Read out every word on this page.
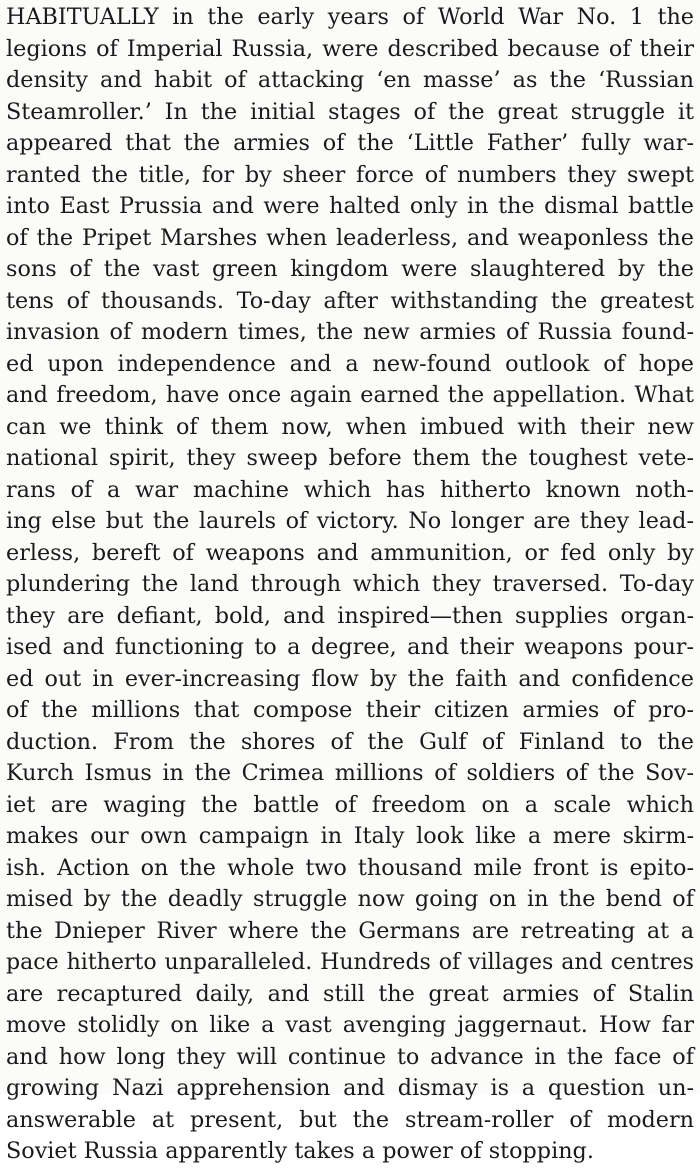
HABITUALLY in the early years of World War No. 1 the
legions of Imperial Russia, were described because of their
density and habit of attacking ‘en masse’ as the ‘Russian
Steamroller.’ In the initial stages of the great struggle it
appeared that the armies of the ‘Little Father’ fully war-
ranted the title, for by sheer force of numbers they swept
into East Prussia and were halted only in the dismal battle
of the Pripet Marshes when leaderless, and weaponless the
sons of the vast green kingdom were slaughtered by the
tens of thousands. To-day after withstanding the greatest
invasion of modern times, the new armies of Russia found-
ed upon independence and a new-found outlook of hope
and freedom, have once again earned the appellation. What
can we think of them now, when imbued with their new
national spirit, they sweep before them the toughest vete-
rans of a war machine which has hitherto known noth-
ing else but the laurels of victory. No longer are they lead-
erless, bereft of weapons and ammunition, or fed only by
plundering the land through which they traversed. To-day
they are defiant, bold, and inspired—then supplies organ-
ised and functioning to a degree, and their weapons pour-
ed out in ever-increasing flow by the faith and confidence
of the millions that compose their citizen armies of pro-
duction. From the shores of the Gulf of Finland to the
Kurch Ismus in the Crimea millions of soldiers of the Sov-
iet are waging the battle of freedom on a scale which
makes our own campaign in Italy look like a mere skirm-
ish. Action on the whole two thousand mile front is epito-
mised by the deadly struggle now going on in the bend of
the Dnieper River where the Germans are retreating at a
pace hitherto unparalleled. Hundreds of villages and centres
are recaptured daily, and still the great armies of Stalin
move stolidly on like a vast avenging jaggernaut. How far
and how long they will continue to advance in the face of
growing Nazi apprehension and dismay is a question un-
answerable at present, but the stream-roller of modern
Soviet Russia apparently takes a power of stopping.
